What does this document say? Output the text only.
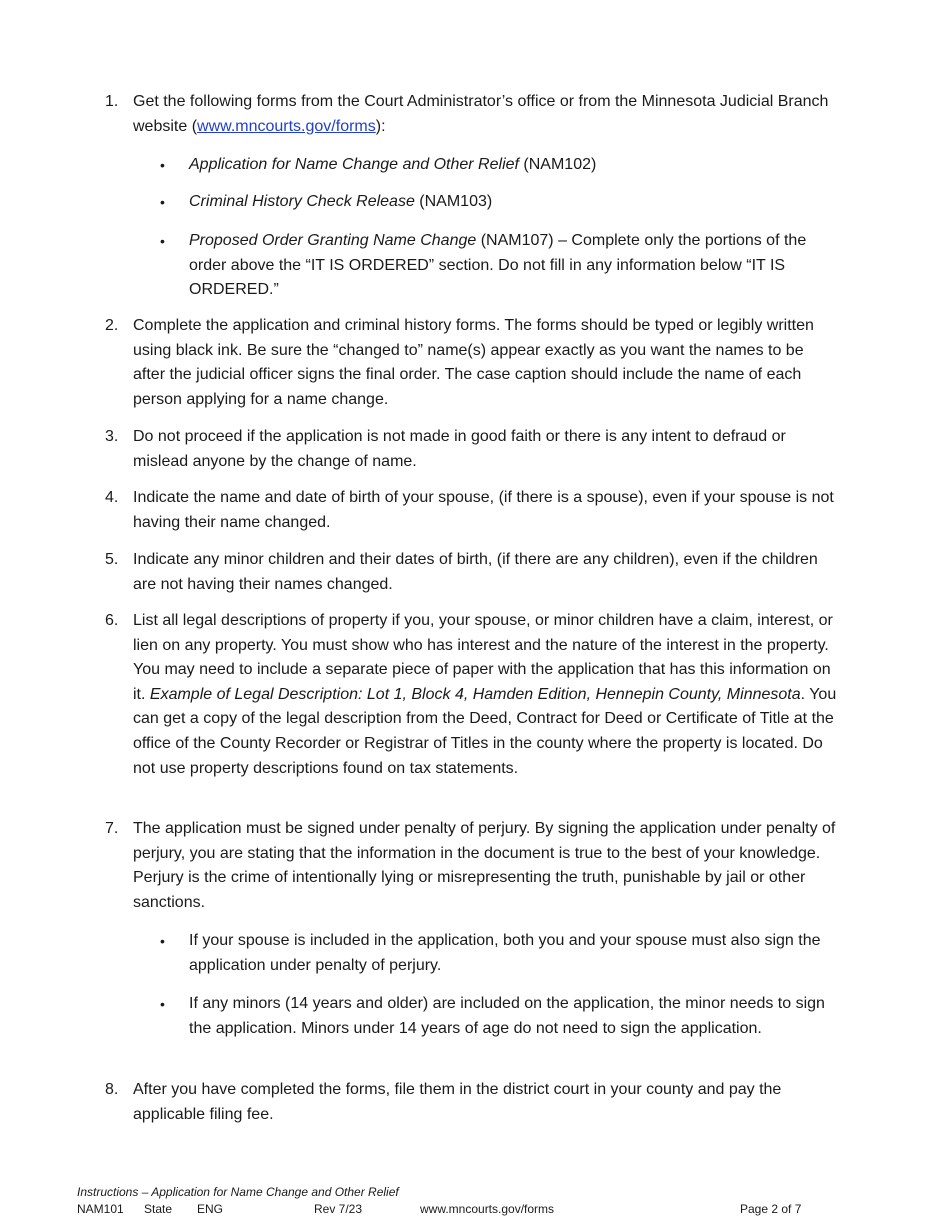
1. Get the following forms from the Court Administrator’s office or from the Minnesota Judicial Branch website (www.mncourts.gov/forms):
•	Application for Name Change and Other Relief (NAM102)
•	Criminal History Check Release (NAM103)
•	Proposed Order Granting Name Change (NAM107) – Complete only the portions of the order above the “IT IS ORDERED” section. Do not fill in any information below “IT IS ORDERED.”
2. Complete the application and criminal history forms. The forms should be typed or legibly written using black ink. Be sure the “changed to” name(s) appear exactly as you want the names to be after the judicial officer signs the final order. The case caption should include the name of each person applying for a name change.
3. Do not proceed if the application is not made in good faith or there is any intent to defraud or mislead anyone by the change of name.
4. Indicate the name and date of birth of your spouse, (if there is a spouse), even if your spouse is not having their name changed.
5. Indicate any minor children and their dates of birth, (if there are any children), even if the children are not having their names changed.
6. List all legal descriptions of property if you, your spouse, or minor children have a claim, interest, or lien on any property. You must show who has interest and the nature of the interest in the property. You may need to include a separate piece of paper with the application that has this information on it. Example of Legal Description: Lot 1, Block 4, Hamden Edition, Hennepin County, Minnesota. You can get a copy of the legal description from the Deed, Contract for Deed or Certificate of Title at the office of the County Recorder or Registrar of Titles in the county where the property is located. Do not use property descriptions found on tax statements.
7. The application must be signed under penalty of perjury. By signing the application under penalty of perjury, you are stating that the information in the document is true to the best of your knowledge. Perjury is the crime of intentionally lying or misrepresenting the truth, punishable by jail or other sanctions.
•	If your spouse is included in the application, both you and your spouse must also sign the application under penalty of perjury.
•	If any minors (14 years and older) are included on the application, the minor needs to sign the application. Minors under 14 years of age do not need to sign the application.
8. After you have completed the forms, file them in the district court in your county and pay the applicable filing fee.
Instructions – Application for Name Change and Other Relief
NAM101 State ENG	Rev 7/23	www.mncourts.gov/forms	Page 2 of 7
